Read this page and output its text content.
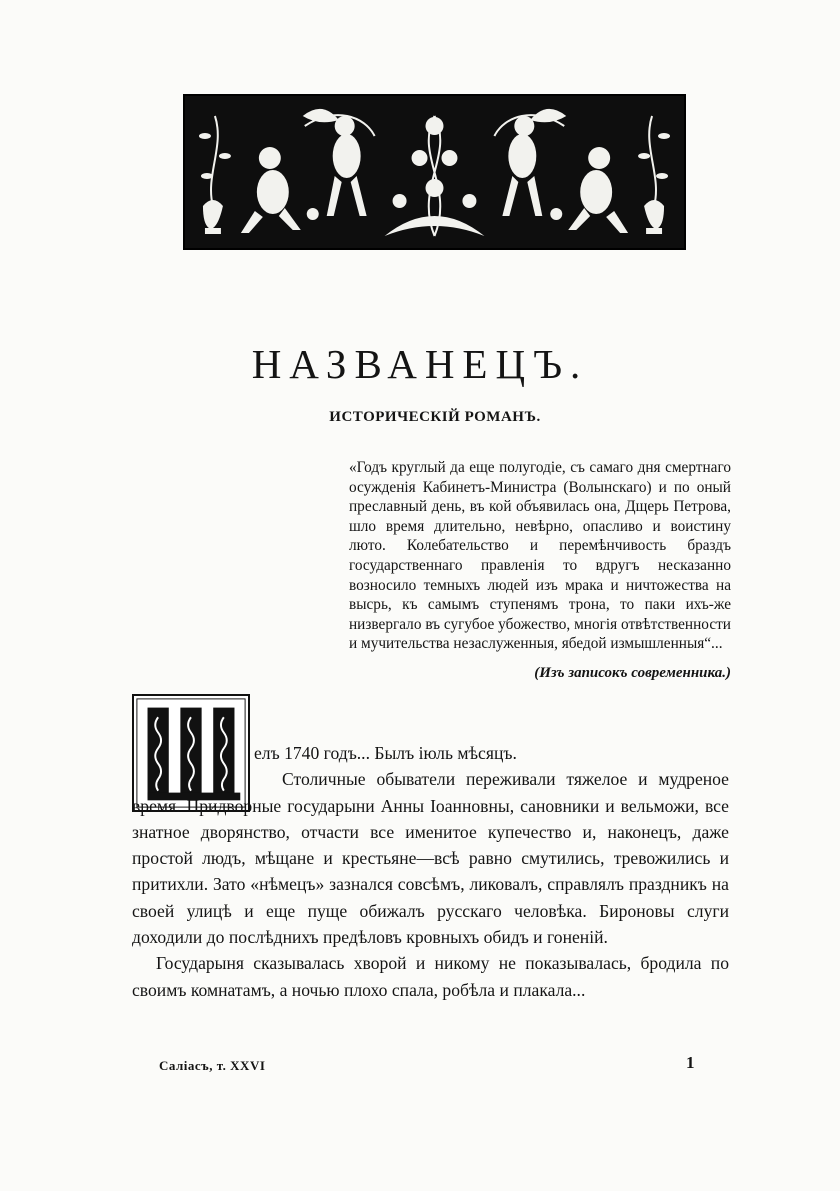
НАЗВАНЕЦЪ.
ИСТОРИЧЕСКІЙ РОМАНЪ.

«Годъ круглый да еще полугодіе, съ самаго дня смертнаго осужденія Кабинетъ-Министра (Волынскаго) и по оный преславный день, въ кой объявилась она, Дщерь Петрова, шло время длительно, невѣрно, опасливо и воистину люто. Колебательство и перемѣнчивость браздъ государственнаго правленія то вдругъ несказанно возносило темныхъ людей изъ мрака и ничтожества на высрь, къ самымъ ступенямъ трона, то паки ихъ-же низвергало въ сугубое убожество, многія отвѣтственности и мучительства незаслуженныя, ябедой измышленныя“...

(Изъ записокъ современника.)

елъ 1740 годъ... Былъ іюль мѣсяцъ.

Столичные обыватели переживали тяжелое и мудреное время. Придворные государыни Анны Іоанновны, сановники и вельможи, все знатное дворянство, отчасти все именитое купечество и, наконецъ, даже простой людъ, мѣщане и крестьяне—всѣ равно смутились, тревожились и притихли. Зато «нѣмецъ» зазнался совсѣмъ, ликовалъ, справлялъ праздникъ на своей улицѣ и еще пуще обижалъ русскаго человѣка. Бироновы слуги доходили до послѣднихъ предѣловъ кровныхъ обидъ и гоненій.

Государыня сказывалась хворой и никому не показывалась, бродила по своимъ комнатамъ, а ночью плохо спала, робѣла и плакала...

Салiасъ, т. XXVI	1
